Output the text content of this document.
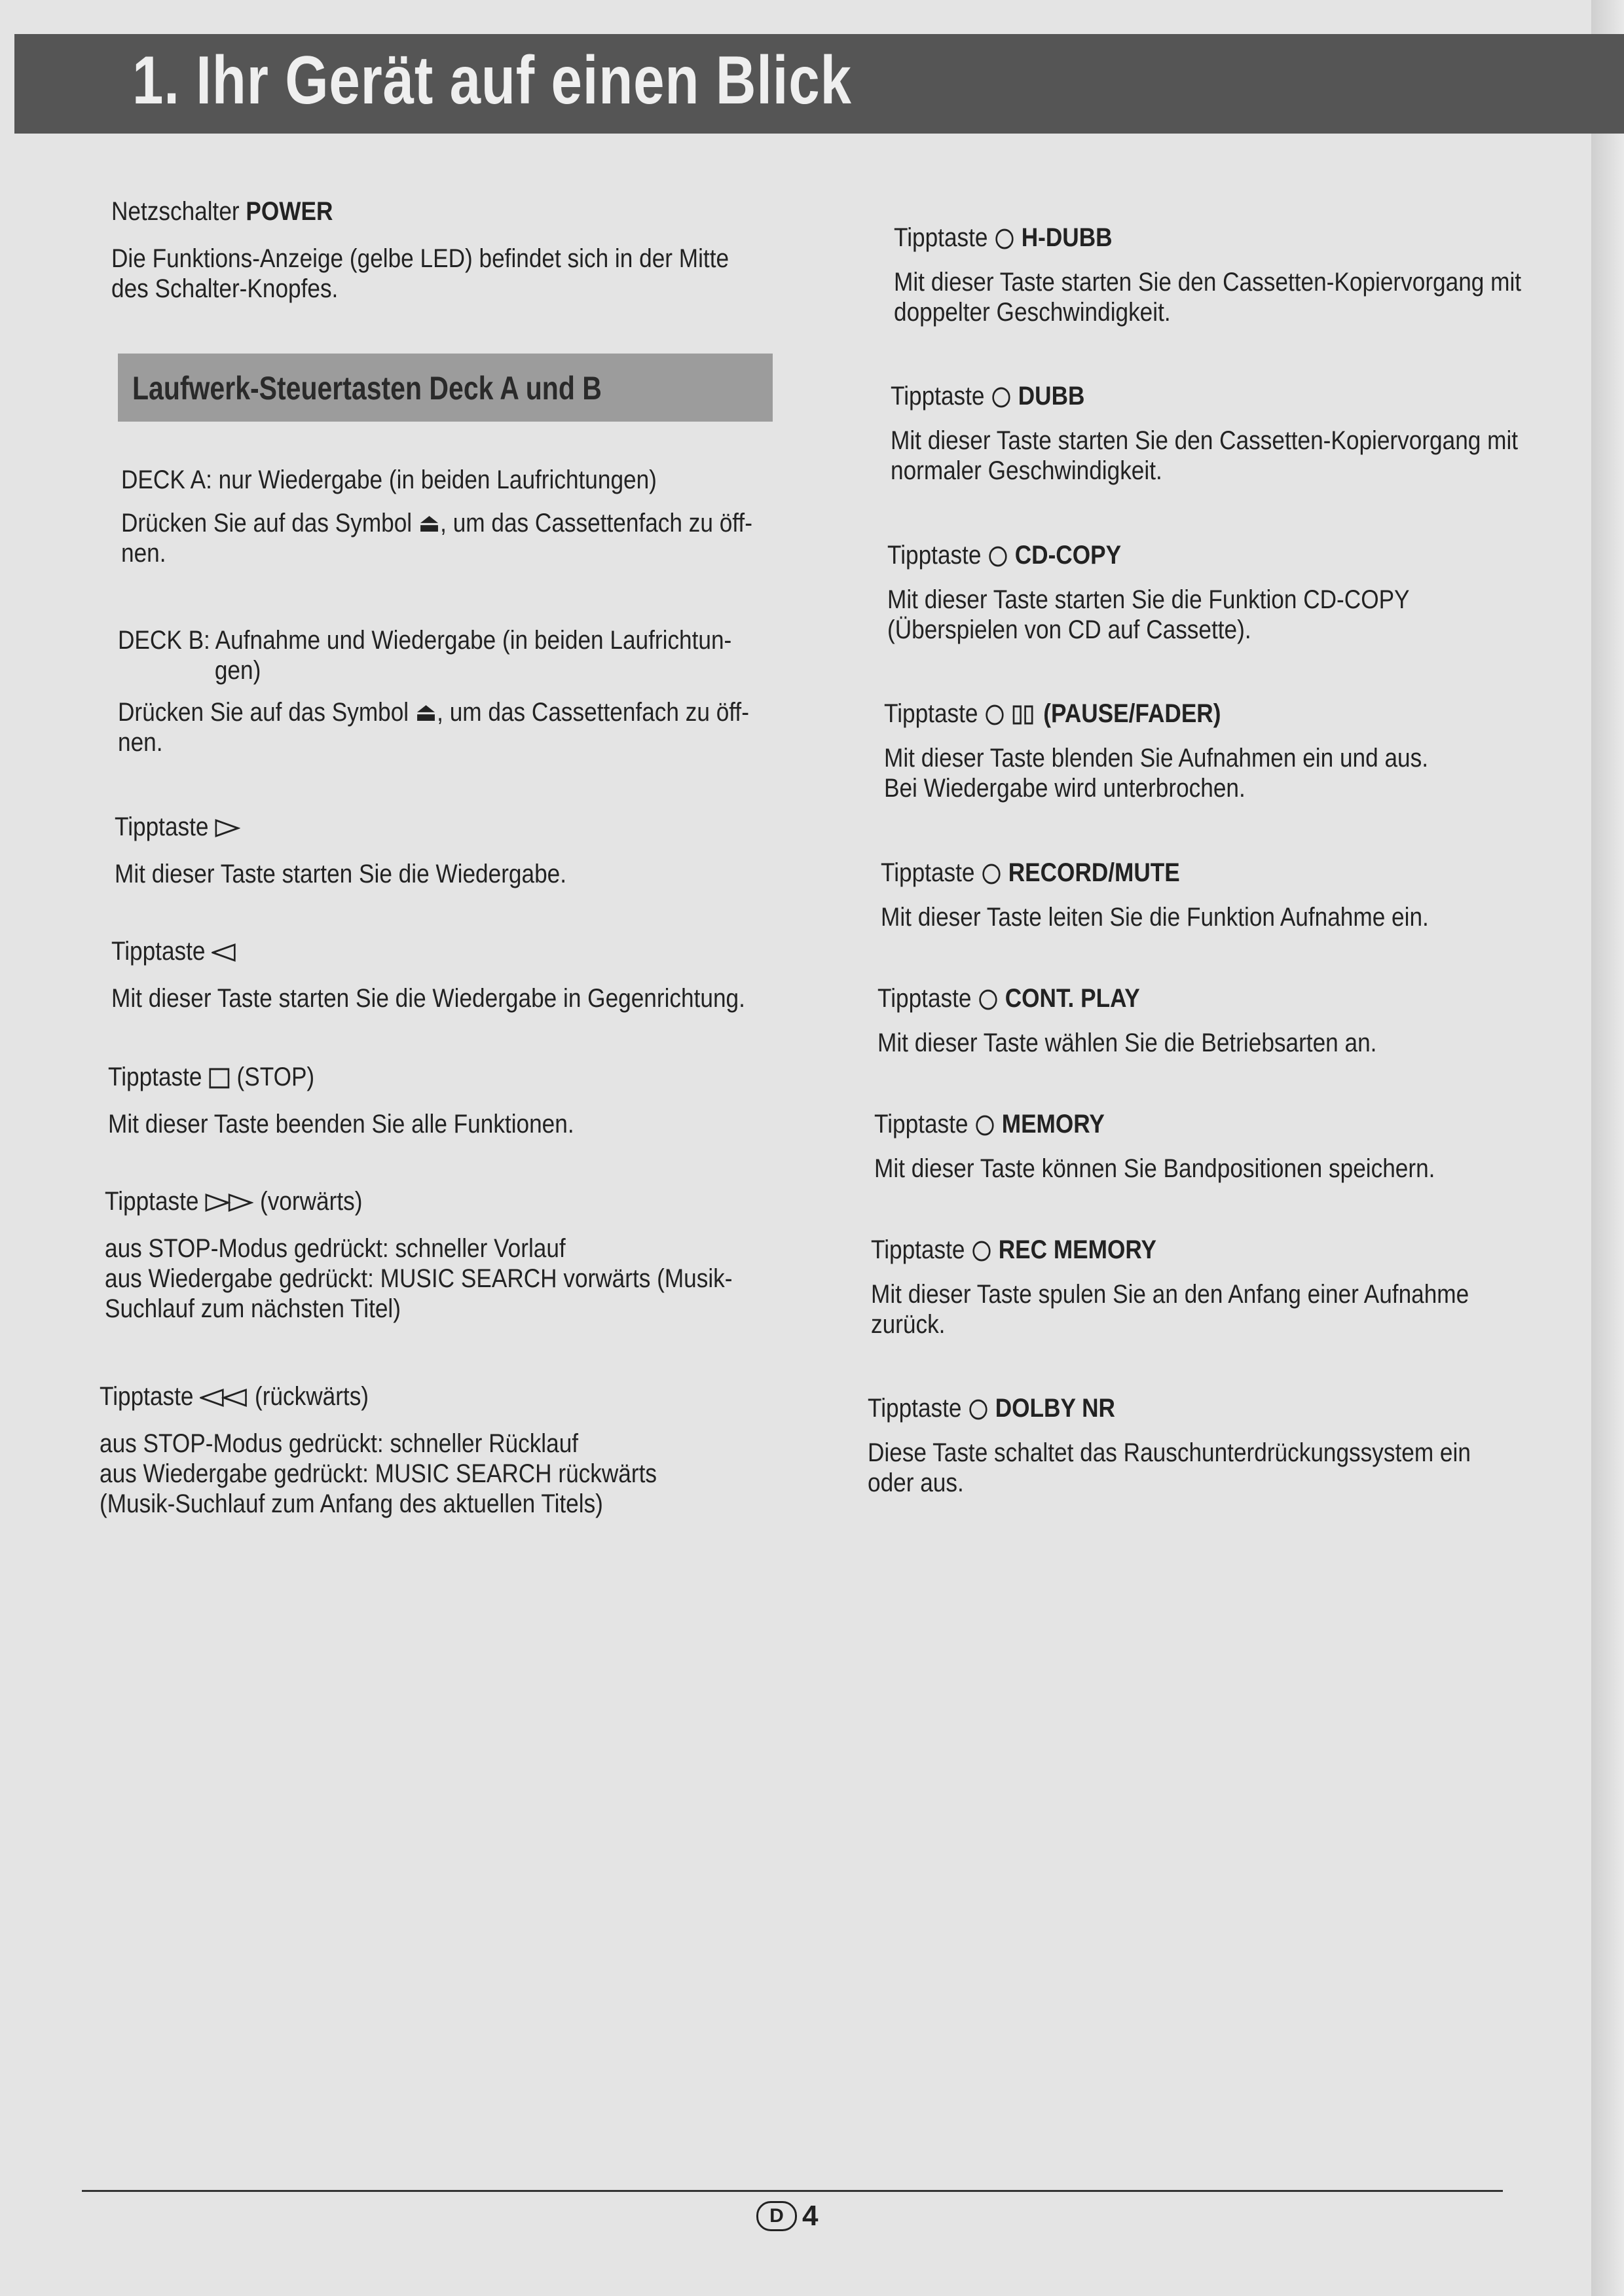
1. Ihr Gerät auf einen Blick

Netzschalter POWER

Die Funktions-Anzeige (gelbe LED) befindet sich in der Mitte

des Schalter-Knopfes.

Laufwerk-Steuertasten Deck A und B

DECK A: nur Wiedergabe (in beiden Laufrichtungen)

Drücken Sie auf das Symbol ⏏, um das Cassettenfach zu öff-

nen.

DECK B: Aufnahme und Wiedergabe (in beiden Laufrichtun-

gen)

Drücken Sie auf das Symbol ⏏, um das Cassettenfach zu öff-

nen.

Tipptaste

Mit dieser Taste starten Sie die Wiedergabe.

Tipptaste

Mit dieser Taste starten Sie die Wiedergabe in Gegenrichtung.

Tipptaste (STOP)

Mit dieser Taste beenden Sie alle Funktionen.

Tipptaste (vorwärts)

aus STOP-Modus gedrückt: schneller Vorlauf

aus Wiedergabe gedrückt: MUSIC SEARCH vorwärts (Musik-

Suchlauf zum nächsten Titel)

Tipptaste (rückwärts)

aus STOP-Modus gedrückt: schneller Rücklauf

aus Wiedergabe gedrückt: MUSIC SEARCH rückwärts

(Musik-Suchlauf zum Anfang des aktuellen Titels)

Tipptaste H-DUBB

Mit dieser Taste starten Sie den Cassetten-Kopiervorgang mit

doppelter Geschwindigkeit.

Tipptaste DUBB

Mit dieser Taste starten Sie den Cassetten-Kopiervorgang mit

normaler Geschwindigkeit.

Tipptaste CD-COPY

Mit dieser Taste starten Sie die Funktion CD-COPY

(Überspielen von CD auf Cassette).

Tipptaste (PAUSE/FADER)

Mit dieser Taste blenden Sie Aufnahmen ein und aus.

Bei Wiedergabe wird unterbrochen.

Tipptaste RECORD/MUTE

Mit dieser Taste leiten Sie die Funktion Aufnahme ein.

Tipptaste CONT. PLAY

Mit dieser Taste wählen Sie die Betriebsarten an.

Tipptaste MEMORY

Mit dieser Taste können Sie Bandpositionen speichern.

Tipptaste REC MEMORY

Mit dieser Taste spulen Sie an den Anfang einer Aufnahme

zurück.

Tipptaste DOLBY NR

Diese Taste schaltet das Rauschunterdrückungssystem ein

oder aus.

D 4
